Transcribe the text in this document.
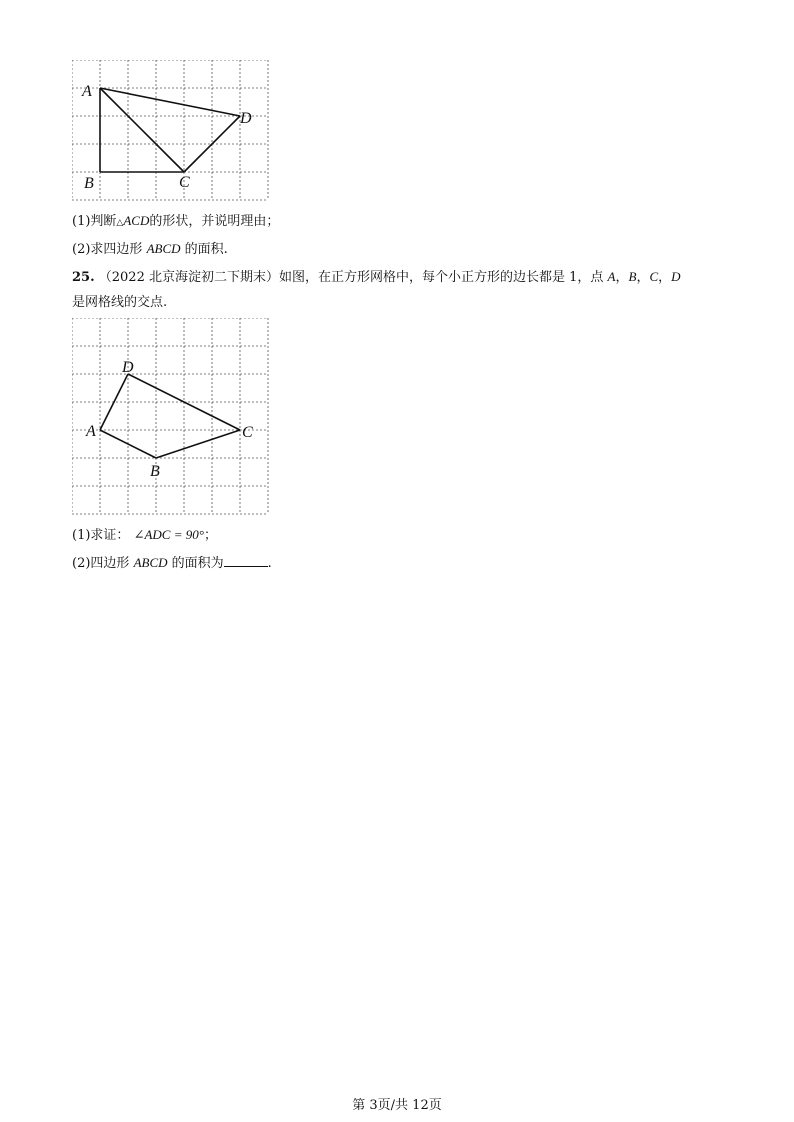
A
B	C
D
(1)判断△ACD的形状，并说明理由；
(2)求四边形 ABCD 的面积.
25. （2022 北京海淀初二下期末）如图，在正方形网格中，每个小正方形的边长都是 1，点 A，B，C，D
是网格线的交点.
A
B
C
D
(1)求证： ∠ADC = 90°；
(2)四边形 ABCD 的面积为	.
第 3页/共 12页
